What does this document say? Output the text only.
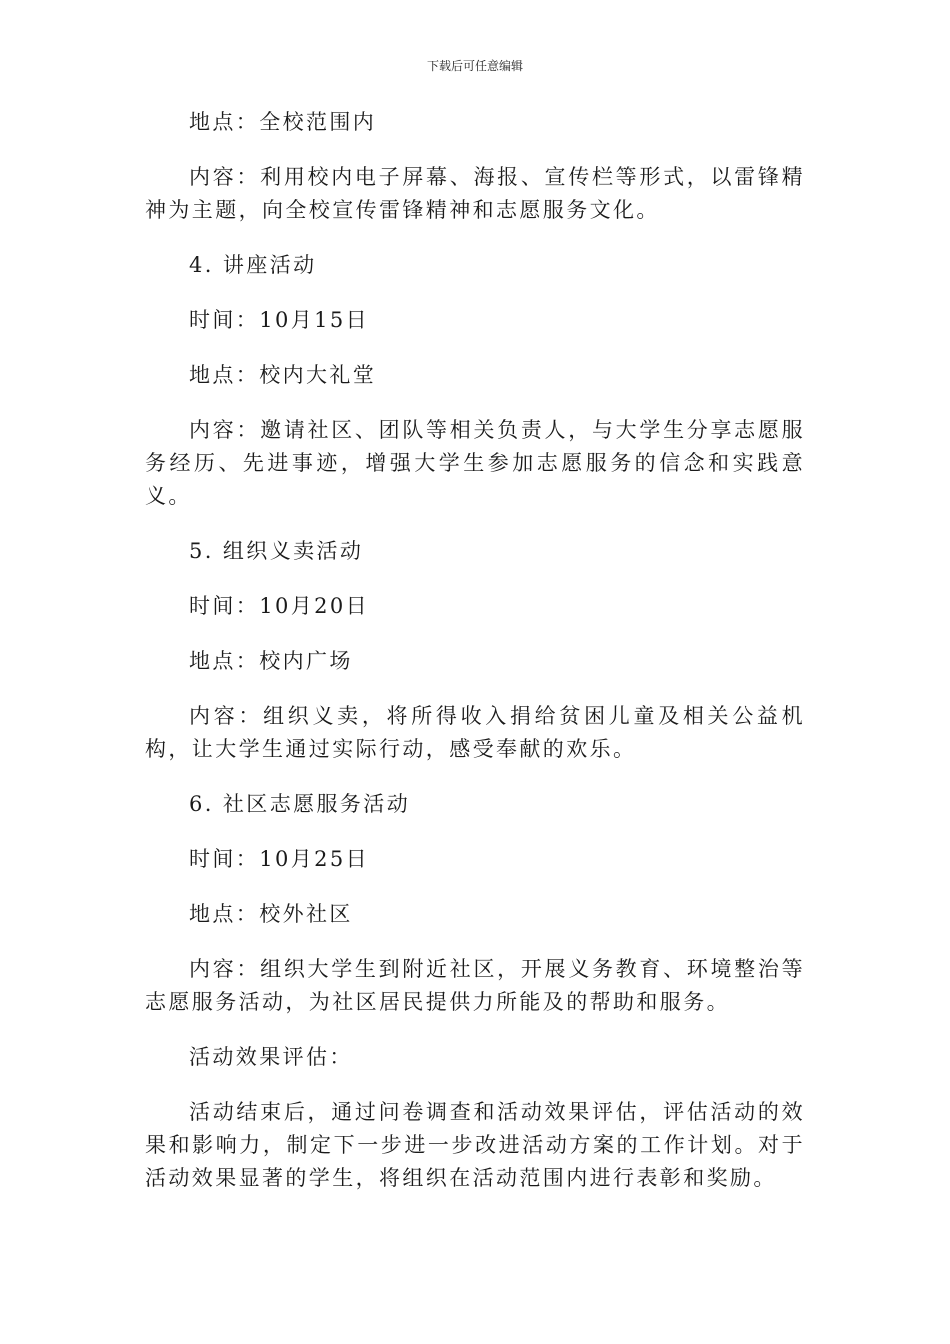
下载后可任意编辑

地点：全校范围内

内容：利用校内电子屏幕、海报、宣传栏等形式，以雷锋精神为主题，向全校宣传雷锋精神和志愿服务文化。

4. 讲座活动

时间：10月15日

地点：校内大礼堂

内容：邀请社区、团队等相关负责人，与大学生分享志愿服务经历、先进事迹，增强大学生参加志愿服务的信念和实践意义。

5. 组织义卖活动

时间：10月20日

地点：校内广场

内容：组织义卖，将所得收入捐给贫困儿童及相关公益机构，让大学生通过实际行动，感受奉献的欢乐。

6. 社区志愿服务活动

时间：10月25日

地点：校外社区

内容：组织大学生到附近社区，开展义务教育、环境整治等志愿服务活动，为社区居民提供力所能及的帮助和服务。

活动效果评估：

活动结束后，通过问卷调查和活动效果评估，评估活动的效果和影响力，制定下一步进一步改进活动方案的工作计划。对于活动效果显著的学生，将组织在活动范围内进行表彰和奖励。
